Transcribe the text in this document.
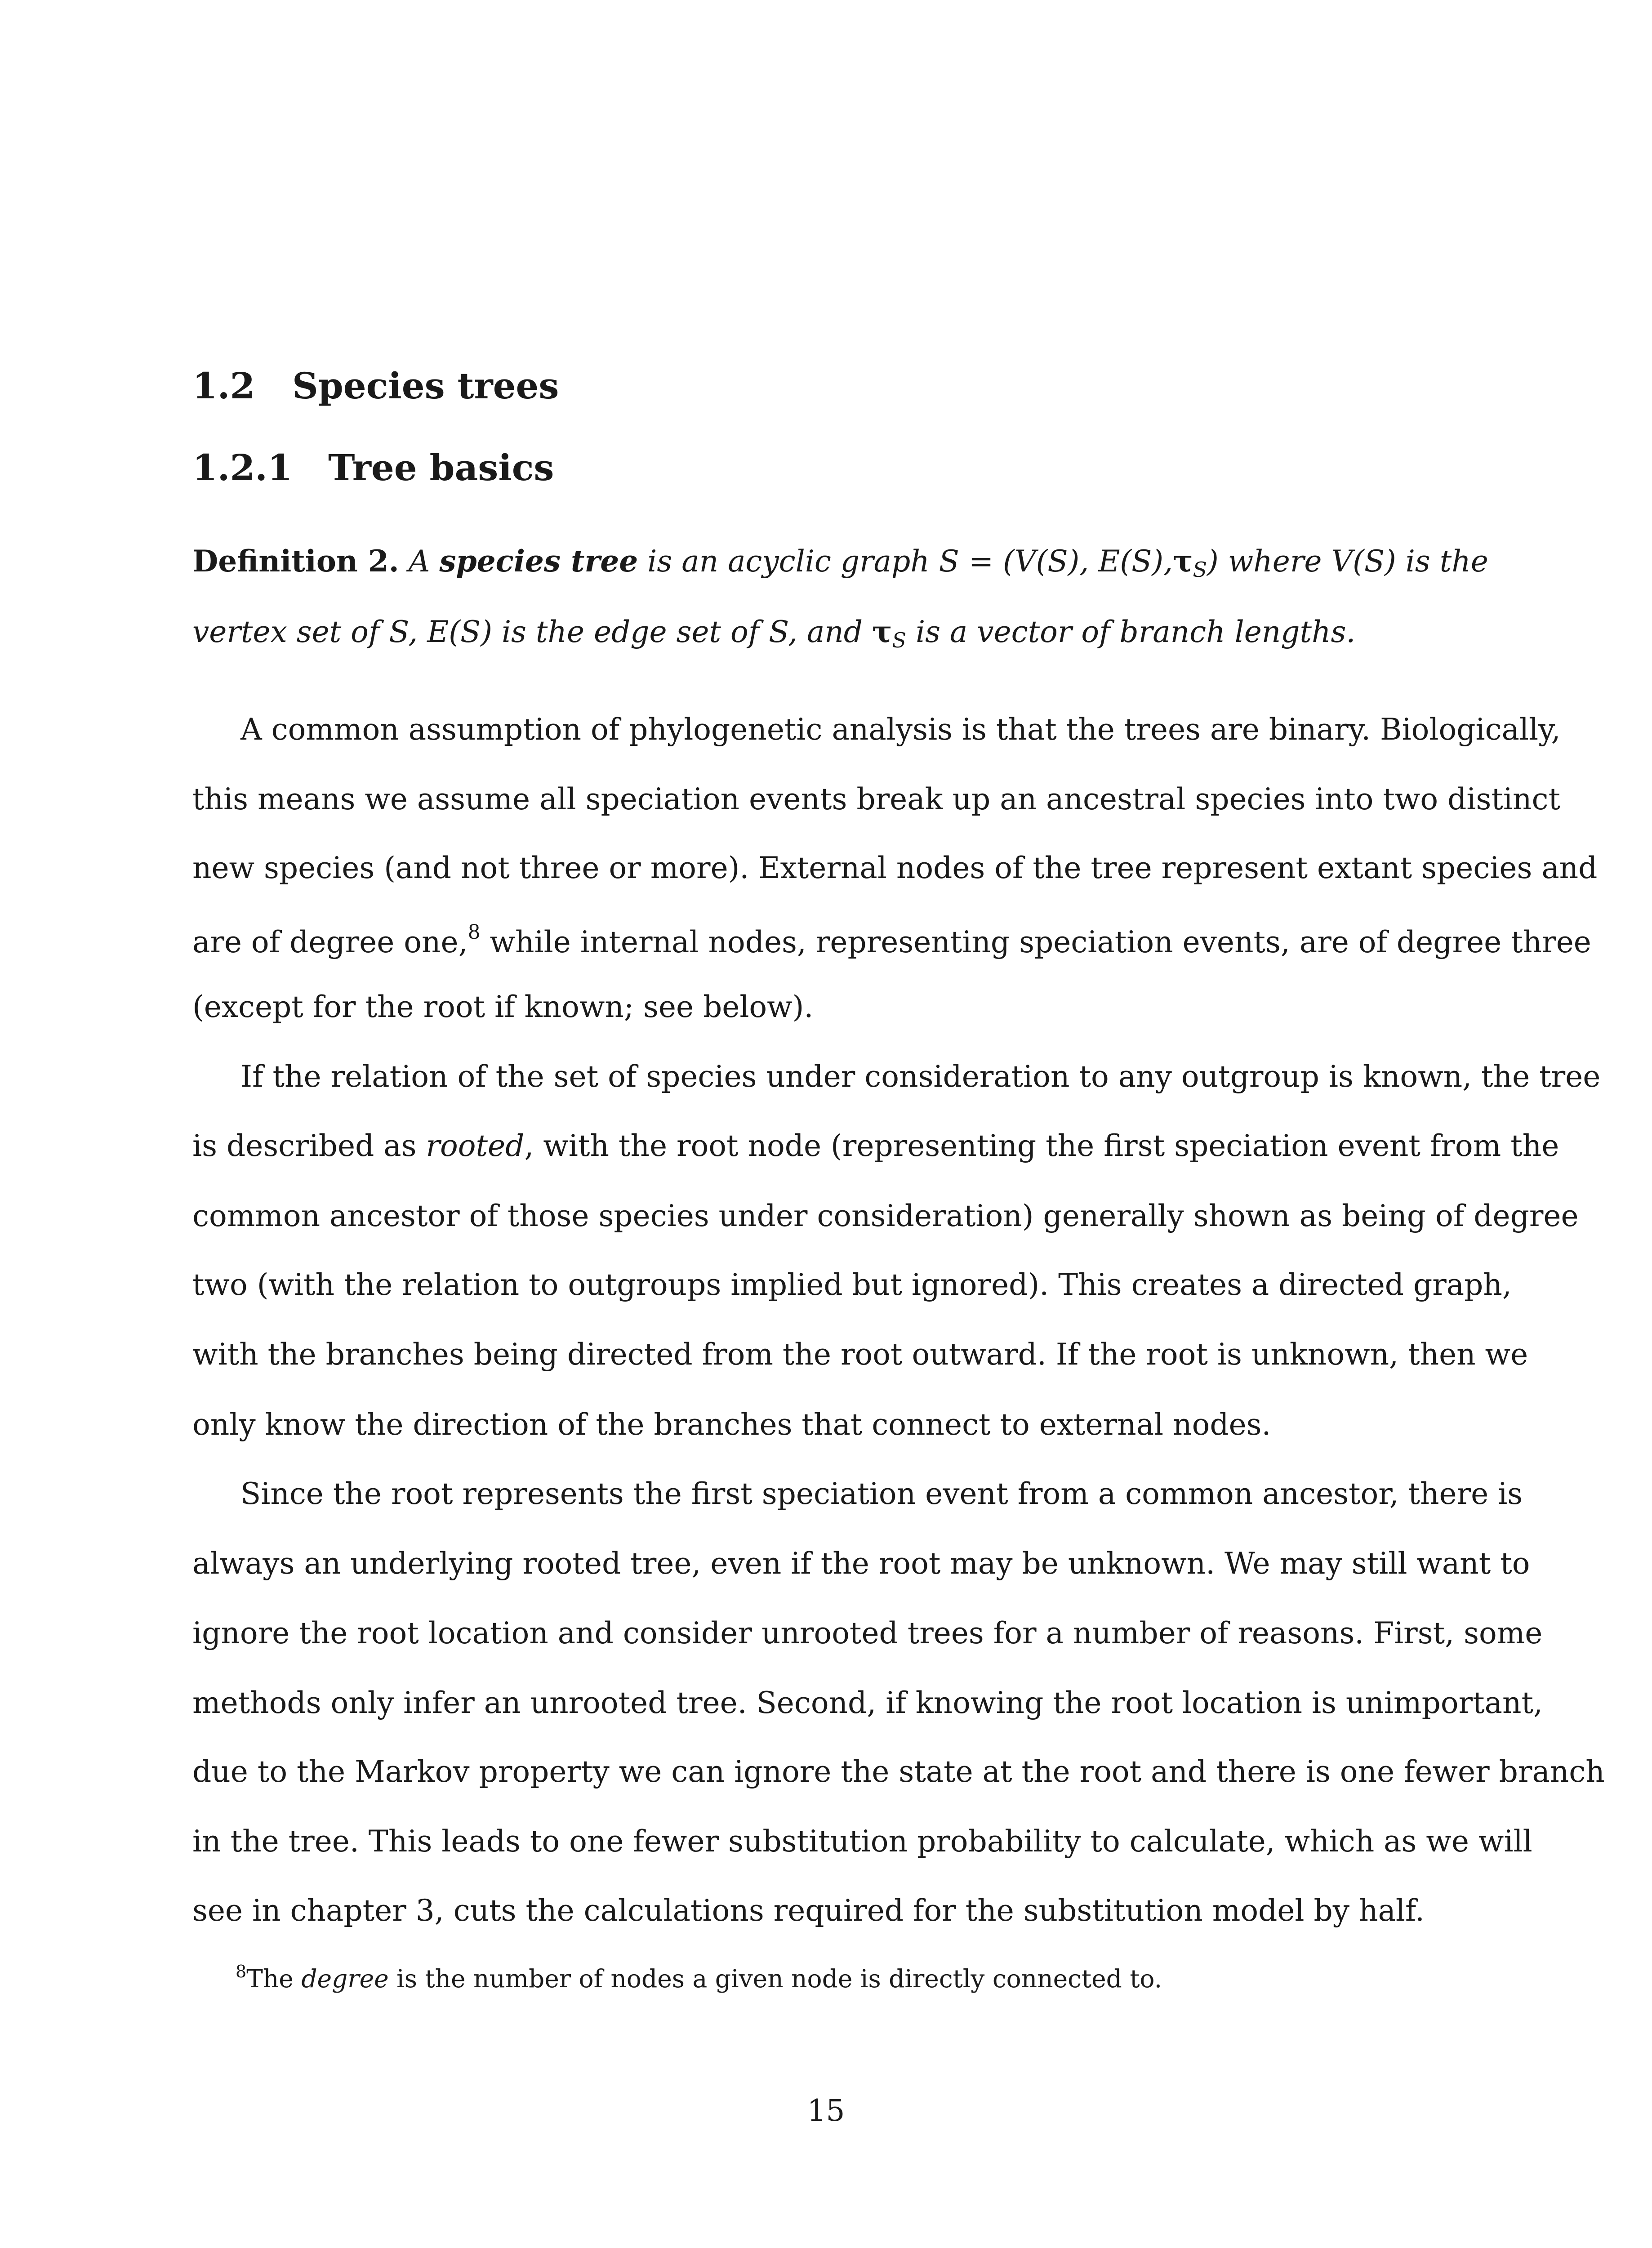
1.2 Species trees
1.2.1 Tree basics
Definition 2. A species tree is an acyclic graph S = (V(S), $E(S),\tau_S$) where V(S) is the
vertex set of S, E(S) is the edge set of S, and $\tau_S$ is a vector of branch lengths.
A common assumption of phylogenetic analysis is that the trees are binary. Biologically,
this means we assume all speciation events break up an ancestral species into two distinct
new species (and not three or more). External nodes of the tree represent extant species and
are of degree one,$^8$ while internal nodes, representing speciation events, are of degree three
(except for the root if known; see below).
If the relation of the set of species under consideration to any outgroup is known, the tree
is described as rooted, with the root node (representing the first speciation event from the
common ancestor of those species under consideration) generally shown as being of degree
two (with the relation to outgroups implied but ignored). This creates a directed graph,
with the branches being directed from the root outward. If the root is unknown, then we
only know the direction of the branches that connect to external nodes.
Since the root represents the first speciation event from a common ancestor, there is
always an underlying rooted tree, even if the root may be unknown. We may still want to
ignore the root location and consider unrooted trees for a number of reasons. First, some
methods only infer an unrooted tree. Second, if knowing the root location is unimportant,
due to the Markov property we can ignore the state at the root and there is one fewer branch
in the tree. This leads to one fewer substitution probability to calculate, which as we will
see in chapter 3, cuts the calculations required for the substitution model by half.
$^8$The degree is the number of nodes a given node is directly connected to.
15
